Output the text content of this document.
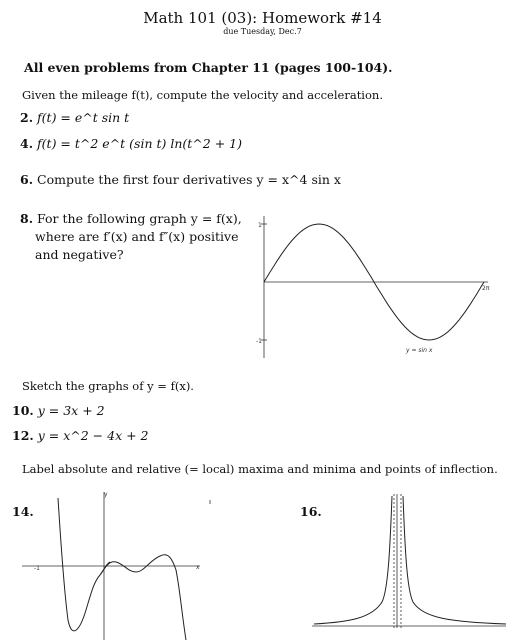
Math 101 (03): Homework #14
due Tuesday, Dec.7
All even problems from Chapter 11 (pages 100-104).
Given the mileage f(t), compute the velocity and acceleration.
2. f(t) = e^t sin t
4. f(t) = t^2 e^t (sin t) ln(t^2 + 1)
6. Compute the first four derivatives y = x^4 sin x
8. For the following graph y = f(x),
where are f′(x) and f″(x) positive
and negative?
1
-1
2π
y = sin x
Sketch the graphs of y = f(x).
10. y = 3x + 2
12. y = x^2 − 4x + 2
Label absolute and relative (= local) maxima and minima and points of inflection.
14.	16.
y
x
-1
